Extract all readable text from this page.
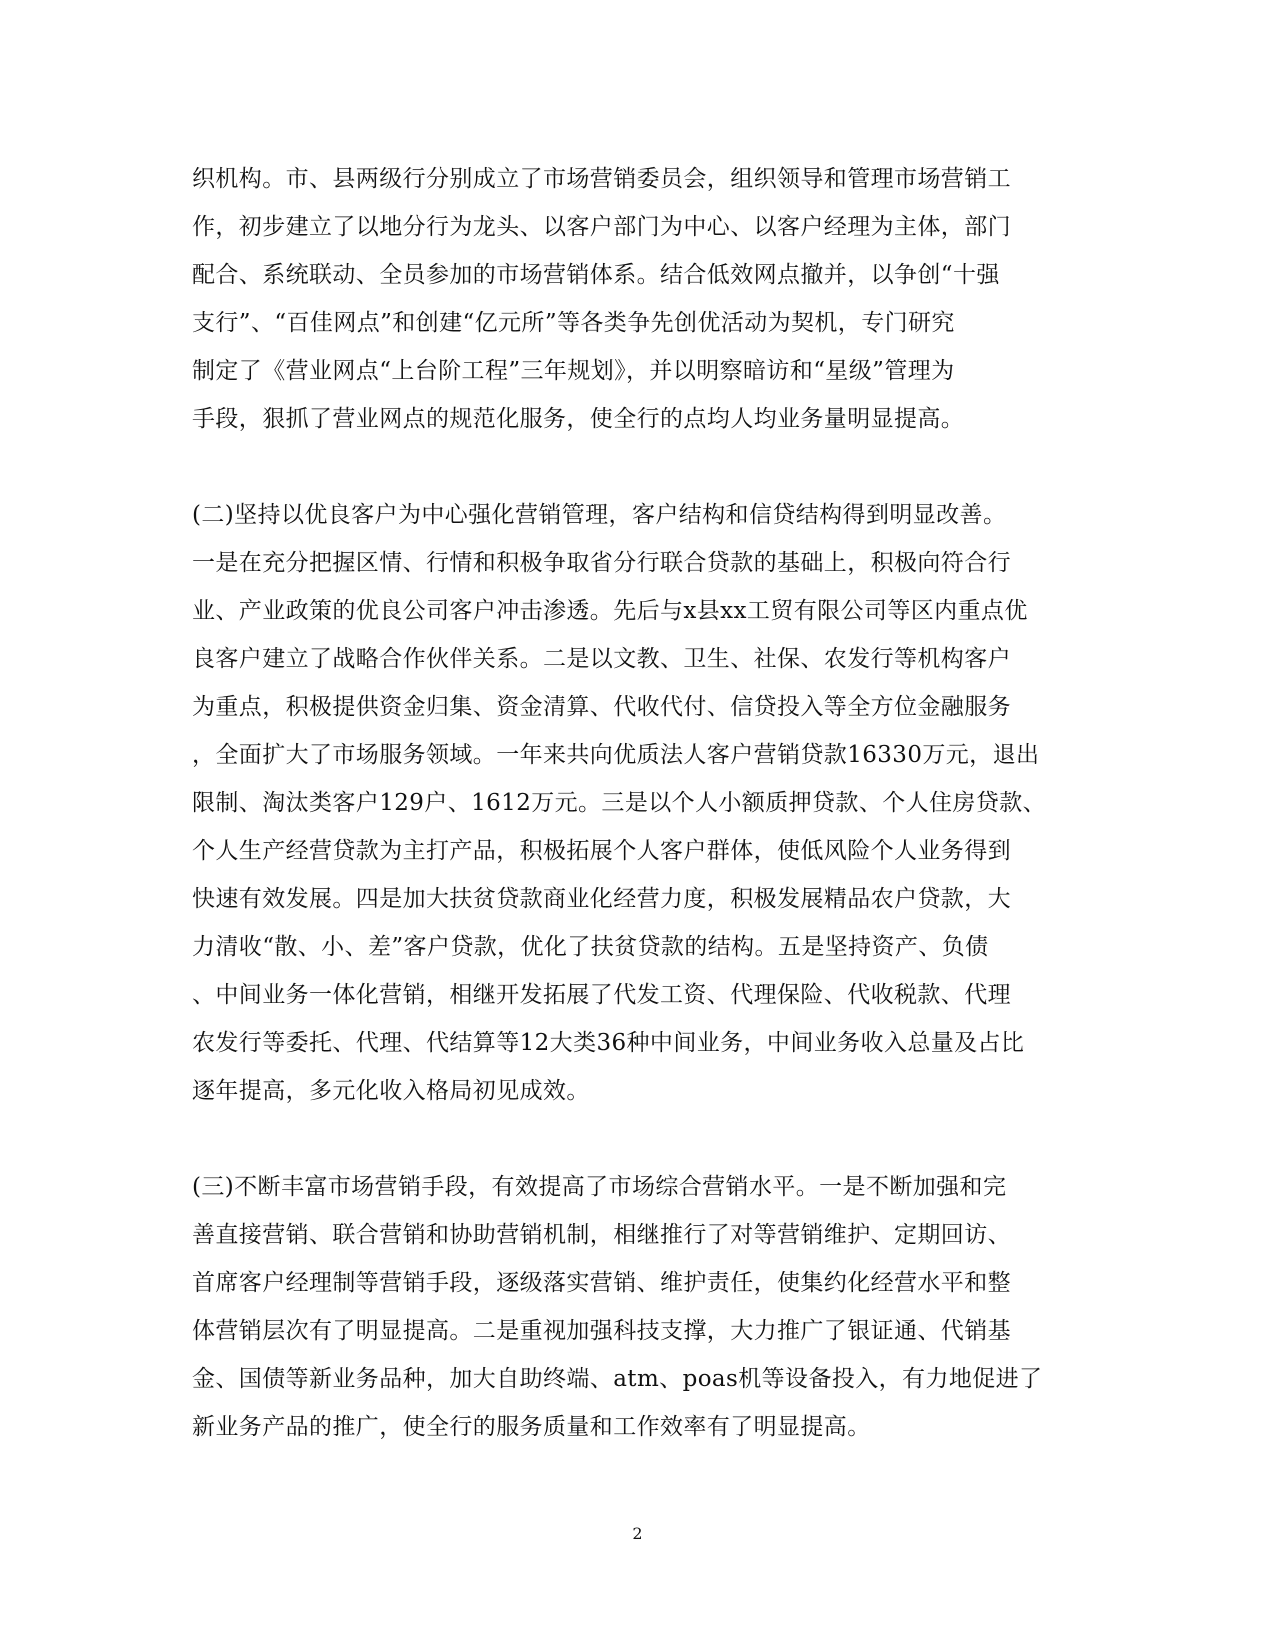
织机构。市、县两级行分别成立了市场营销委员会，组织领导和管理市场营销工
作，初步建立了以地分行为龙头、以客户部门为中心、以客户经理为主体，部门
配合、系统联动、全员参加的市场营销体系。结合低效网点撤并，以争创“十强
支行”、“百佳网点”和创建“亿元所”等各类争先创优活动为契机，专门研究
制定了《营业网点“上台阶工程”三年规划》，并以明察暗访和“星级”管理为
手段，狠抓了营业网点的规范化服务，使全行的点均人均业务量明显提高。
(二)坚持以优良客户为中心强化营销管理，客户结构和信贷结构得到明显改善。
一是在充分把握区情、行情和积极争取省分行联合贷款的基础上，积极向符合行
业、产业政策的优良公司客户冲击渗透。先后与x县xx工贸有限公司等区内重点优
良客户建立了战略合作伙伴关系。二是以文教、卫生、社保、农发行等机构客户
为重点，积极提供资金归集、资金清算、代收代付、信贷投入等全方位金融服务
，全面扩大了市场服务领域。一年来共向优质法人客户营销贷款16330万元，退出
限制、淘汰类客户129户、1612万元。三是以个人小额质押贷款、个人住房贷款、
个人生产经营贷款为主打产品，积极拓展个人客户群体，使低风险个人业务得到
快速有效发展。四是加大扶贫贷款商业化经营力度，积极发展精品农户贷款，大
力清收“散、小、差”客户贷款，优化了扶贫贷款的结构。五是坚持资产、负债
、中间业务一体化营销，相继开发拓展了代发工资、代理保险、代收税款、代理
农发行等委托、代理、代结算等12大类36种中间业务，中间业务收入总量及占比
逐年提高，多元化收入格局初见成效。
(三)不断丰富市场营销手段，有效提高了市场综合营销水平。一是不断加强和完
善直接营销、联合营销和协助营销机制，相继推行了对等营销维护、定期回访、
首席客户经理制等营销手段，逐级落实营销、维护责任，使集约化经营水平和整
体营销层次有了明显提高。二是重视加强科技支撑，大力推广了银证通、代销基
金、国债等新业务品种，加大自助终端、atm、poas机等设备投入，有力地促进了
新业务产品的推广，使全行的服务质量和工作效率有了明显提高。
2
